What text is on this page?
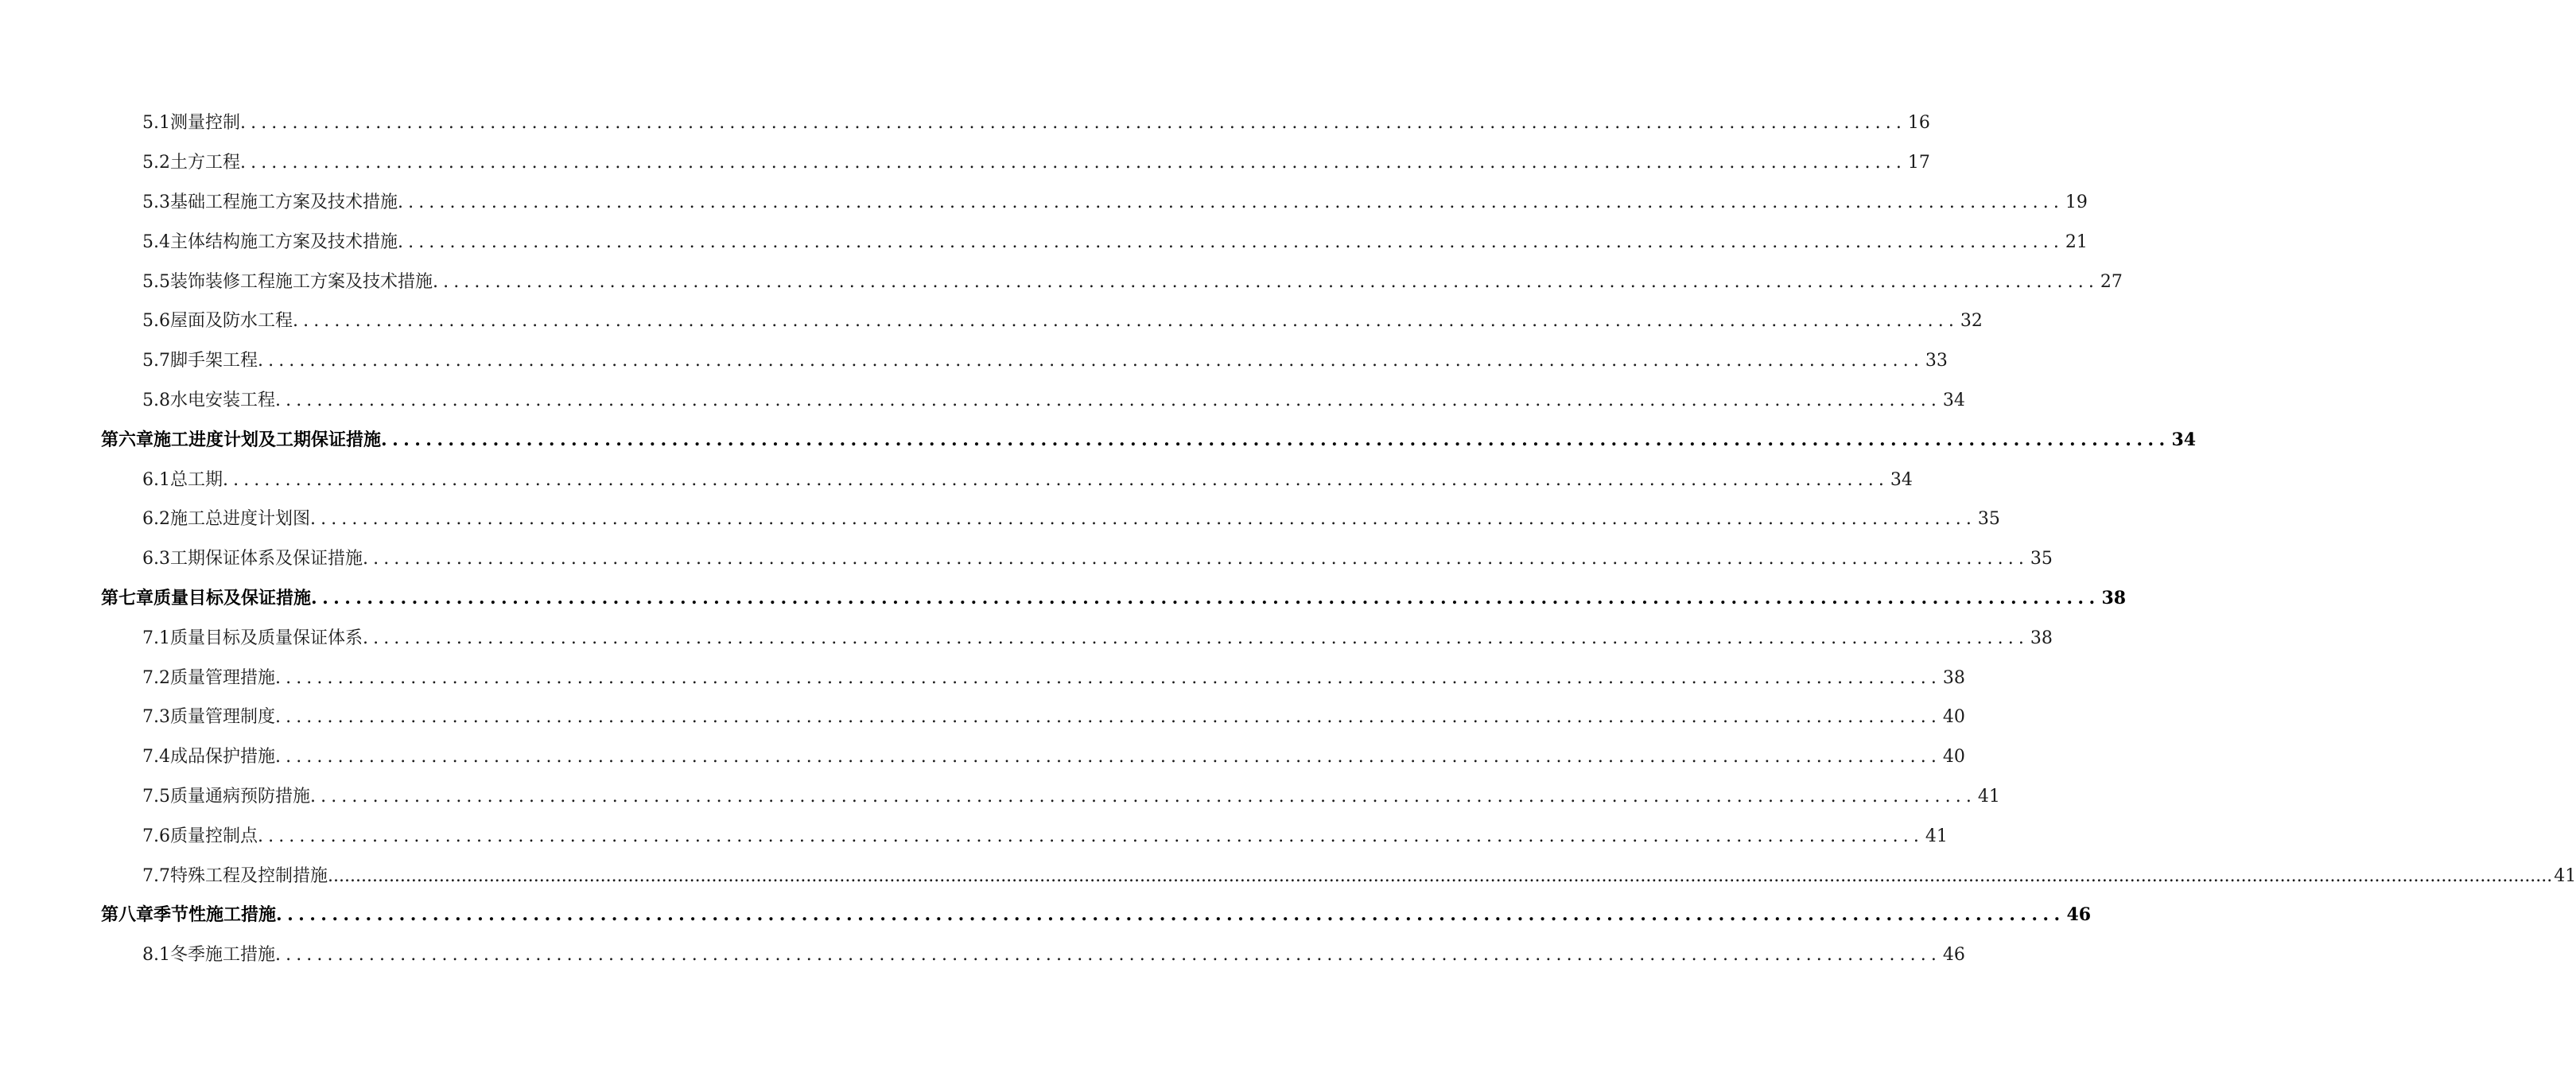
5.1 测量控制 ................................................................................................................................................................ 16
5.2 土方工程 ................................................................................................................................................................ 17
5.3 基础工程施工方案及技术措施 ................................................................................................................................................................ 19
5.4 主体结构施工方案及技术措施 ................................................................................................................................................................ 21
5.5 装饰装修工程施工方案及技术措施 ................................................................................................................................................................ 27
5.6 屋面及防水工程 ................................................................................................................................................................ 32
5.7 脚手架工程 ................................................................................................................................................................ 33
5.8 水电安装工程 ................................................................................................................................................................ 34
第六章 施工进度计划及工期保证措施 ................................................................................................................................................................ 34
6.1 总工期 ................................................................................................................................................................ 34
6.2 施工总进度计划图 ................................................................................................................................................................ 35
6.3 工期保证体系及保证措施 ................................................................................................................................................................ 35
第七章 质量目标及保证措施 ................................................................................................................................................................ 38
7.1 质量目标及质量保证体系 ................................................................................................................................................................ 38
7.2 质量管理措施 ................................................................................................................................................................ 38
7.3 质量管理制度 ................................................................................................................................................................ 40
7.4 成品保护措施 ................................................................................................................................................................ 40
7.5 质量通病预防措施 ................................................................................................................................................................ 41
7.6 质量控制点 ................................................................................................................................................................ 41
7.7 特殊工程及控制措施 ................................................................................................................................................................................................................................................................................................................................................................................................................ 41
第八章 季节性施工措施 ................................................................................................................................................................ 46
8.1 冬季施工措施 ................................................................................................................................................................ 46
